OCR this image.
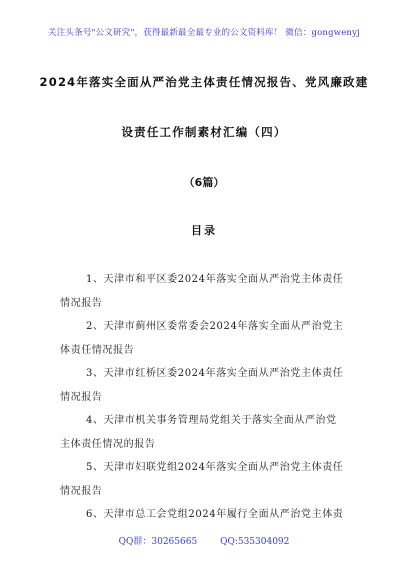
关注头条号"公文研究"，获得最新最全最专业的公文资料库！ 微信：gongwenyj
2024年落实全面从严治党主体责任情况报告、党风廉政建
设责任工作制素材汇编（四）
（6篇）
目录
1、天津市和平区委2024年落实全面从严治党主体责任
情况报告
2、天津市蓟州区委常委会2024年落实全面从严治党主
体责任情况报告
3、天津市红桥区委2024年落实全面从严治党主体责任
情况报告
4、天津市机关事务管理局党组关于落实全面从严治党
主体责任情况的报告
5、天津市妇联党组2024年落实全面从严治党主体责任
情况报告
6、天津市总工会党组2024年履行全面从严治党主体责
QQ群：30265665	QQ:535304092
